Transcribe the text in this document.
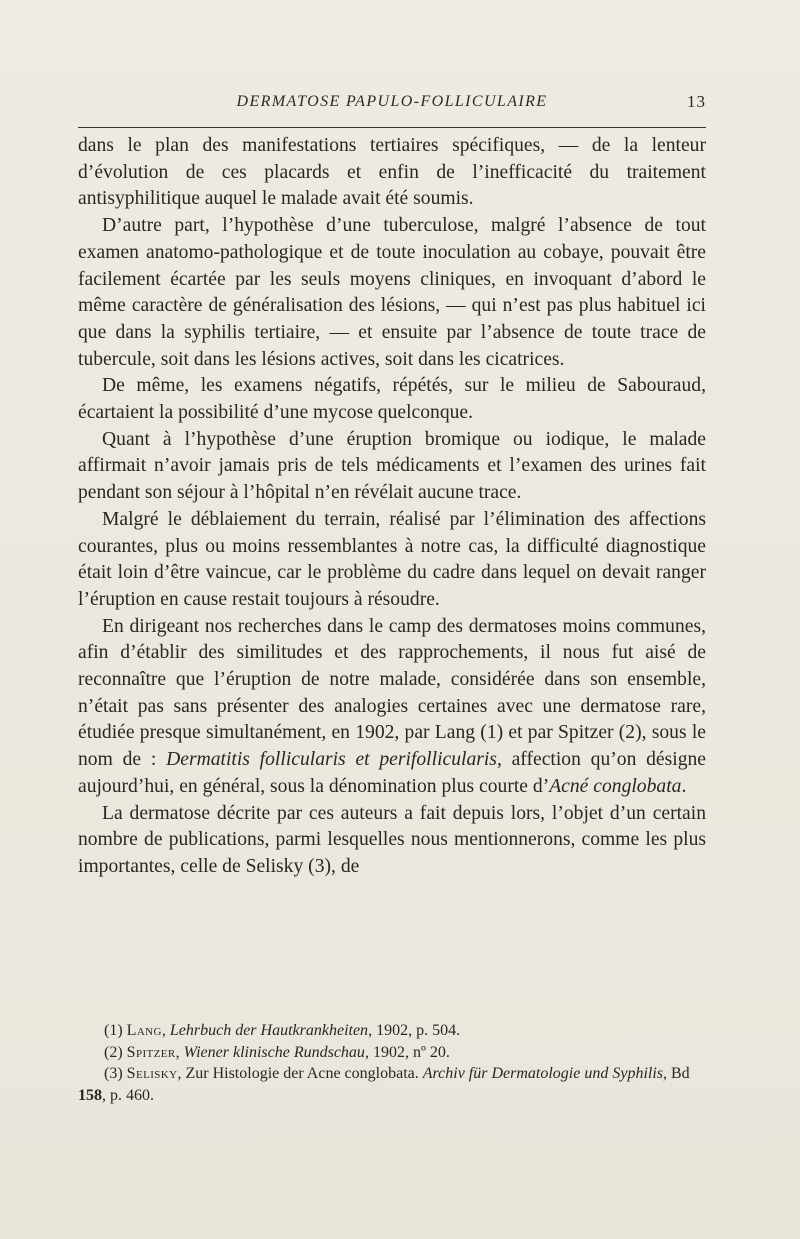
DERMATOSE PAPULO-FOLLICULAIRE	13

dans le plan des manifestations tertiaires spécifiques, — de la lenteur d’évolution de ces placards et enfin de l’inefficacité du traitement antisyphilitique auquel le malade avait été soumis.

D’autre part, l’hypothèse d’une tuberculose, malgré l’absence de tout examen anatomo-pathologique et de toute inoculation au cobaye, pouvait être facilement écartée par les seuls moyens cliniques, en invoquant d’abord le même caractère de généralisation des lésions, — qui n’est pas plus habituel ici que dans la syphilis tertiaire, — et ensuite par l’absence de toute trace de tubercule, soit dans les lésions actives, soit dans les cicatrices.

De même, les examens négatifs, répétés, sur le milieu de Sabouraud, écartaient la possibilité d’une mycose quelconque.

Quant à l’hypothèse d’une éruption bromique ou iodique, le malade affirmait n’avoir jamais pris de tels médicaments et l’examen des urines fait pendant son séjour à l’hôpital n’en révélait aucune trace.

Malgré le déblaiement du terrain, réalisé par l’élimination des affections courantes, plus ou moins ressemblantes à notre cas, la difficulté diagnostique était loin d’être vaincue, car le problème du cadre dans lequel on devait ranger l’éruption en cause restait toujours à résoudre.

En dirigeant nos recherches dans le camp des dermatoses moins communes, afin d’établir des similitudes et des rapprochements, il nous fut aisé de reconnaître que l’éruption de notre malade, considérée dans son ensemble, n’était pas sans présenter des analogies certaines avec une dermatose rare, étudiée presque simultanément, en 1902, par Lang (1) et par Spitzer (2), sous le nom de : Dermatitis follicularis et perifollicularis, affection qu’on désigne aujourd’hui, en général, sous la dénomination plus courte d’Acné conglobata.

La dermatose décrite par ces auteurs a fait depuis lors, l’objet d’un certain nombre de publications, parmi lesquelles nous mentionnerons, comme les plus importantes, celle de Selisky (3), de

(1) Lang, Lehrbuch der Hautkrankheiten, 1902, p. 504.

(2) Spitzer, Wiener klinische Rundschau, 1902, nº 20.

(3) Selisky, Zur Histologie der Acne conglobata. Archiv für Dermatologie und Syphilis, Bd 158, p. 460.
